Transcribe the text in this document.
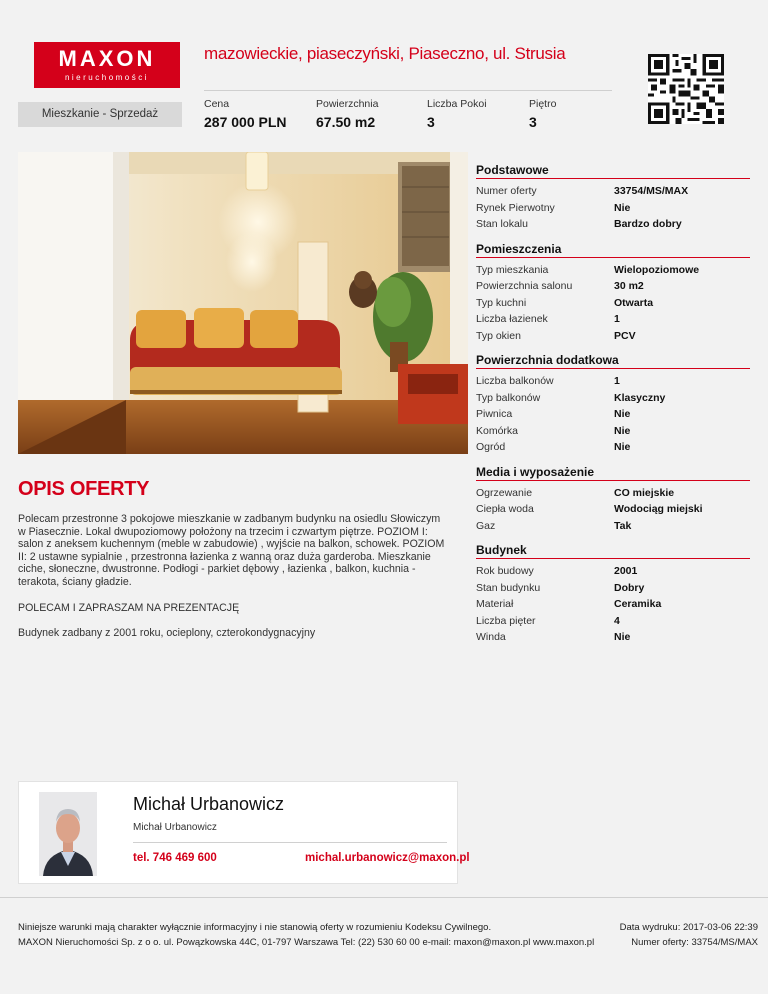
MAXON
nieruchomości
mazowieckie, piaseczyński, Piaseczno, ul. Strusia
Mieszkanie - Sprzedaż
Cena
287 000 PLN
Powierzchnia
67.50 m2
Liczba Pokoi
3
Piętro
3
Podstawowe
Numer oferty	33754/MS/MAX
Rynek Pierwotny	Nie
Stan lokalu	Bardzo dobry
Pomieszczenia
Typ mieszkania	Wielopoziomowe
Powierzchnia salonu	30 m2
Typ kuchni	Otwarta
Liczba łazienek	1
Typ okien	PCV
Powierzchnia dodatkowa
Liczba balkonów	1
Typ balkonów	Klasyczny
Piwnica	Nie
Komórka	Nie
Ogród	Nie
Media i wyposażenie
Ogrzewanie	CO miejskie
Ciepła woda	Wodociąg miejski
Gaz	Tak
Budynek
Rok budowy	2001
Stan budynku	Dobry
Materiał	Ceramika
Liczba pięter	4
Winda	Nie
OPIS OFERTY

Polecam przestronne 3 pokojowe mieszkanie w zadbanym budynku na osiedlu Słowiczym w Piasecznie. Lokal dwupoziomowy położony na trzecim i czwartym piętrze. POZIOM I: salon z aneksem kuchennym (meble w zabudowie) , wyjście na balkon, schowek. POZIOM II: 2 ustawne sypialnie , przestronna łazienka z wanną oraz duża garderoba. Mieszkanie ciche, słoneczne, dwustronne. Podłogi - parkiet dębowy , łazienka , balkon, kuchnia - terakota, ściany gładzie.

POLECAM I ZAPRASZAM NA PREZENTACJĘ

Budynek zadbany z 2001 roku, ocieplony, czterokondygnacyjny

Michał Urbanowicz
Michał Urbanowicz
tel. 746 469 600	michal.urbanowicz@maxon.pl
Niniejsze warunki mają charakter wyłącznie informacyjny i nie stanowią oferty w rozumieniu Kodeksu Cywilnego.
MAXON Nieruchomości Sp. z o o. ul. Powązkowska 44C, 01-797 Warszawa Tel: (22) 530 60 00 e-mail: maxon@maxon.pl www.maxon.pl
Data wydruku: 2017-03-06 22:39
Numer oferty: 33754/MS/MAX
